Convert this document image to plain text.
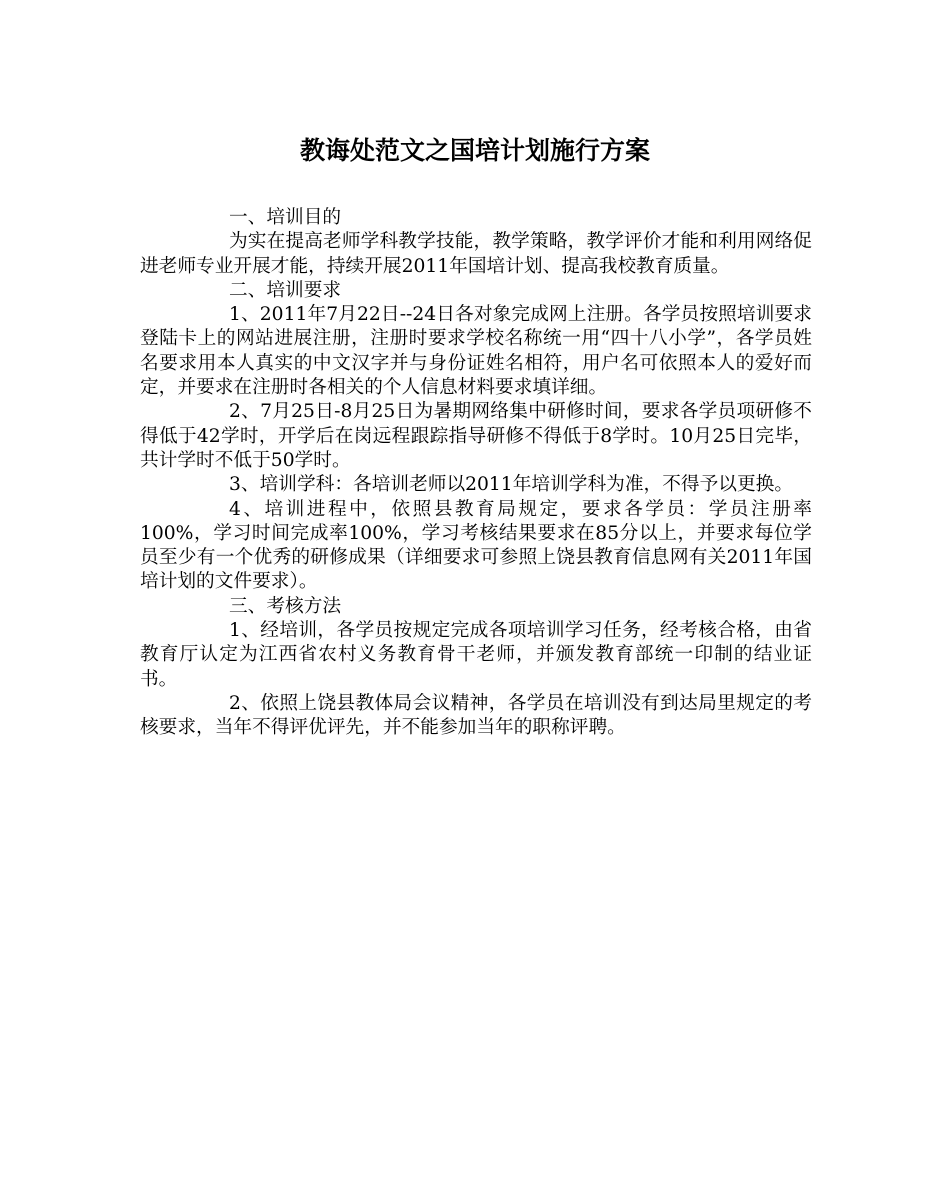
教诲处范文之国培计划施行方案

一、培训目的

为实在提高老师学科教学技能，教学策略，教学评价才能和利用网络促进老师专业开展才能，持续开展2011年国培计划、提高我校教育质量。

二、培训要求

1、2011年7月22日--24日各对象完成网上注册。各学员按照培训要求登陆卡上的网站进展注册，注册时要求学校名称统一用“四十八小学”，各学员姓名要求用本人真实的中文汉字并与身份证姓名相符，用户名可依照本人的爱好而定，并要求在注册时各相关的个人信息材料要求填详细。

2、7月25日-8月25日为暑期网络集中研修时间，要求各学员项研修不得低于42学时，开学后在岗远程跟踪指导研修不得低于8学时。10月25日完毕，共计学时不低于50学时。

3、培训学科：各培训老师以2011年培训学科为准，不得予以更换。

4、培训进程中，依照县教育局规定，要求各学员：学员注册率100%，学习时间完成率100%，学习考核结果要求在85分以上，并要求每位学员至少有一个优秀的研修成果（详细要求可参照上饶县教育信息网有关2011年国培计划的文件要求）。

三、考核方法

1、经培训，各学员按规定完成各项培训学习任务，经考核合格，由省教育厅认定为江西省农村义务教育骨干老师，并颁发教育部统一印制的结业证书。

2、依照上饶县教体局会议精神，各学员在培训没有到达局里规定的考核要求，当年不得评优评先，并不能参加当年的职称评聘。
